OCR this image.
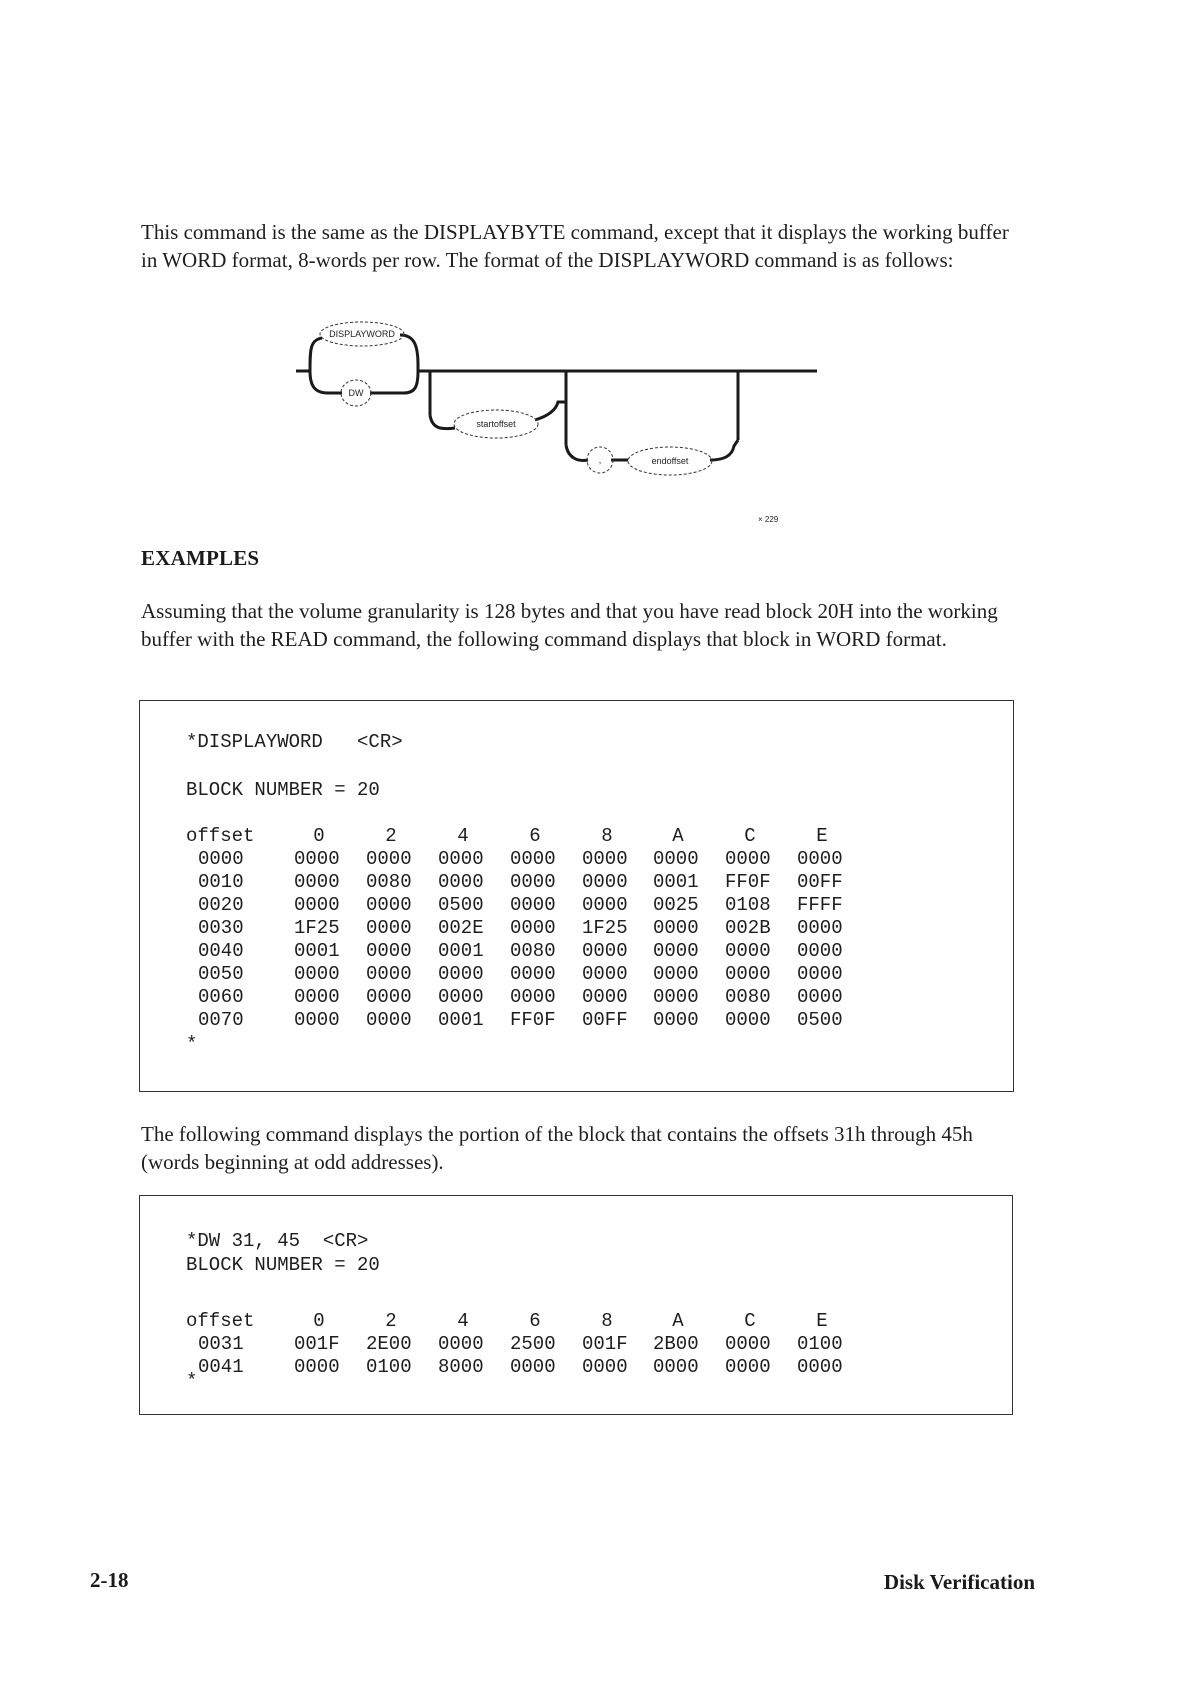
This command is the same as the DISPLAYBYTE command, except that it displays the working buffer in WORD format, 8-words per row. The format of the DISPLAYWORD command is as follows:

DISPLAYWORD
DW
startoffset
,	endoffset
× 229
EXAMPLES

Assuming that the volume granularity is 128 bytes and that you have read block 20H into the working buffer with the READ command, the following command displays that block in WORD format.

*DISPLAYWORD   <CR>
BLOCK NUMBER = 20
offset	0	2	4	6	8	A	C	E
0000	0000 0000 0000 0000 0000 0000 0000 0000
0010	0000 0080 0000 0000 0000 0001 FF0F 00FF
0020	0000 0000 0500 0000 0000 0025 0108 FFFF
0030	1F25 0000 002E 0000 1F25 0000 002B 0000
0040	0001 0000 0001 0080 0000 0000 0000 0000
0050	0000 0000 0000 0000 0000 0000 0000 0000
0060	0000 0000 0000 0000 0000 0000 0080 0000
0070	0000 0000 0001 FF0F 00FF 0000 0000 0500
*

The following command displays the portion of the block that contains the offsets 31h through 45h (words beginning at odd addresses).

*DW 31, 45  <CR>
BLOCK NUMBER = 20
offset	0	2	4	6	8	A	C	E
0031	001F 2E00 0000 2500 001F 2B00 0000 0100
0041	0000 0100 8000 0000 0000 0000 0000 0000
*
2-18	Disk Verification
